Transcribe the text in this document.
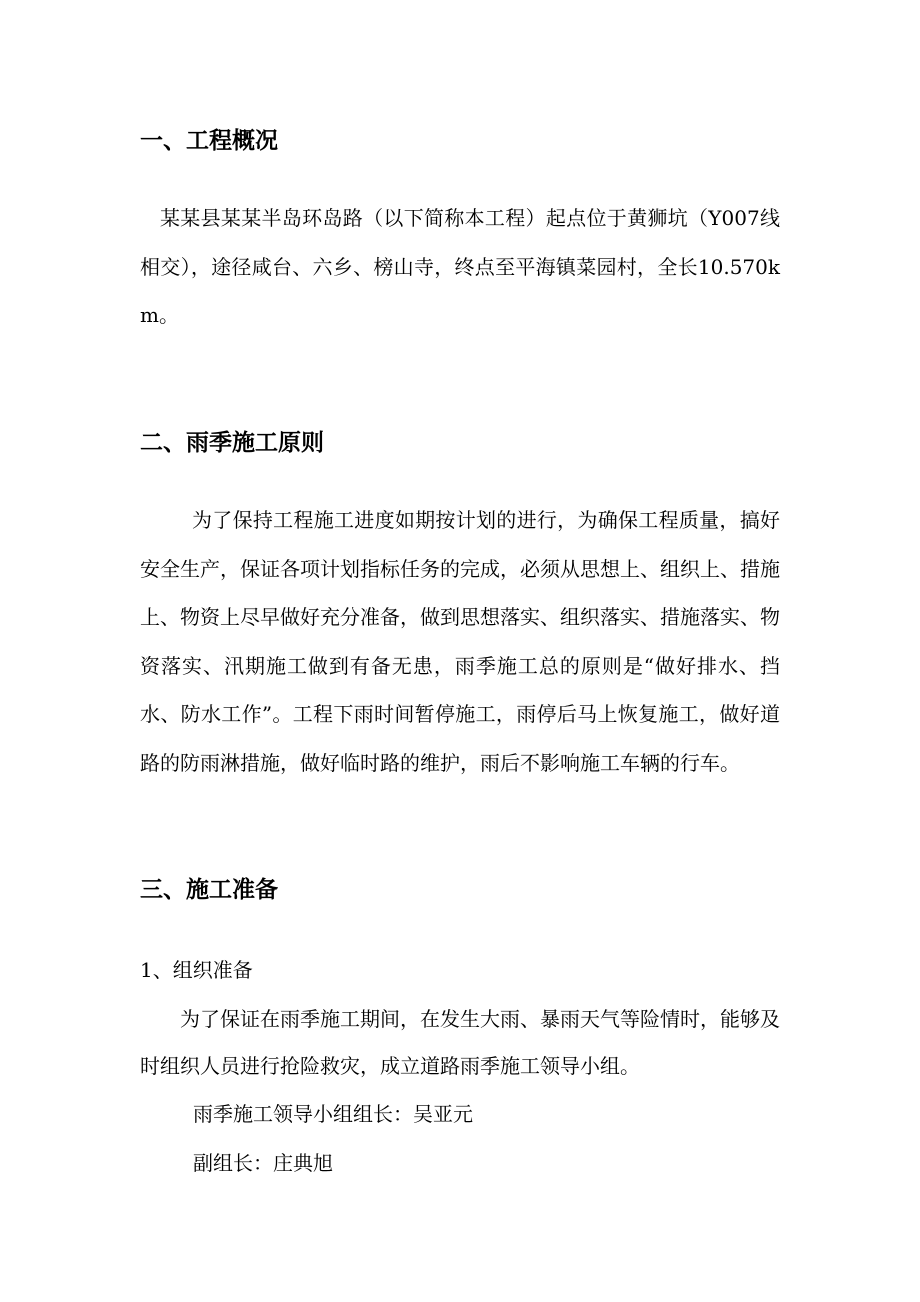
一、工程概况

某某县某某半岛环岛路（以下简称本工程）起点位于黄狮坑（Y007线相交），途径咸台、六乡、榜山寺，终点至平海镇菜园村，全长10.570km。

二、雨季施工原则

为了保持工程施工进度如期按计划的进行，为确保工程质量，搞好安全生产，保证各项计划指标任务的完成，必须从思想上、组织上、措施上、物资上尽早做好充分准备，做到思想落实、组织落实、措施落实、物资落实、汛期施工做到有备无患，雨季施工总的原则是“做好排水、挡水、防水工作”。工程下雨时间暂停施工，雨停后马上恢复施工，做好道路的防雨淋措施，做好临时路的维护，雨后不影响施工车辆的行车。

三、施工准备
1、组织准备

为了保证在雨季施工期间，在发生大雨、暴雨天气等险情时，能够及时组织人员进行抢险救灾，成立道路雨季施工领导小组。

雨季施工领导小组组长：吴亚元
副组长：庄典旭
